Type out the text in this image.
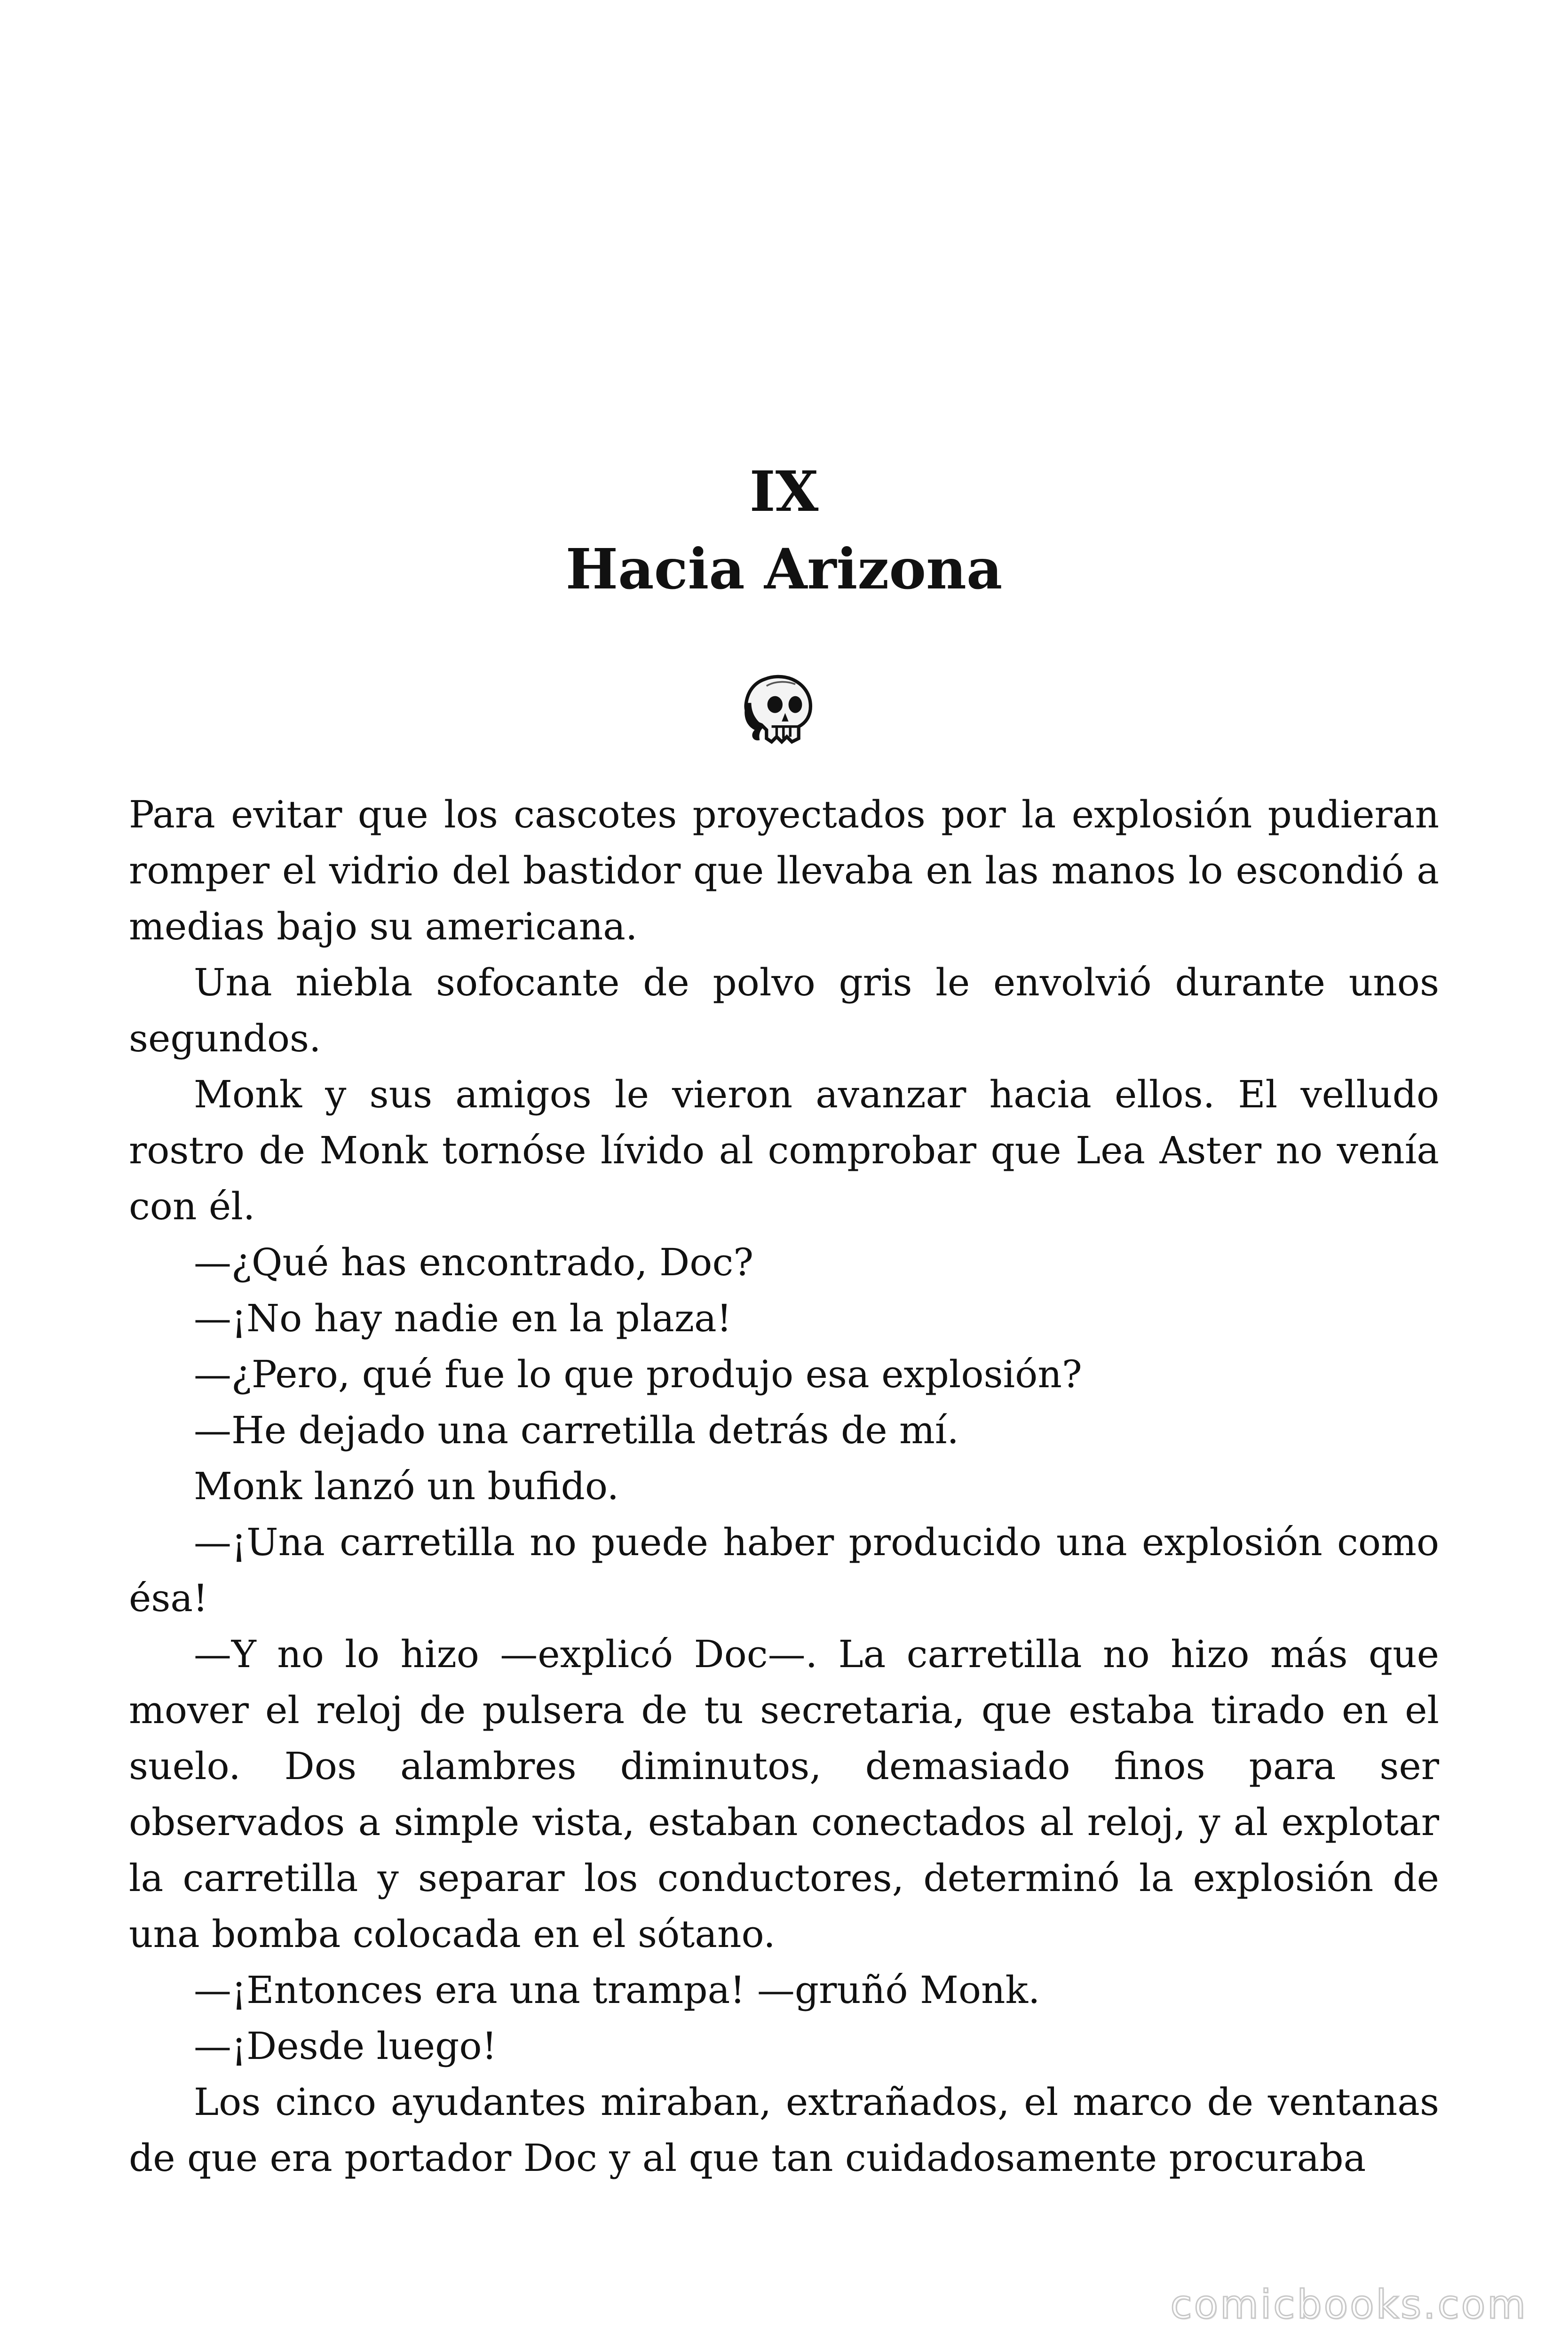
IX
Hacia Arizona

Para evitar que los cascotes proyectados por la explosión pudieran romper el vidrio del bastidor que llevaba en las manos lo escondió a medias bajo su americana.

Una niebla sofocante de polvo gris le envolvió durante unos segundos.

Monk y sus amigos le vieron avanzar hacia ellos. El velludo rostro de Monk tornóse lívido al comprobar que Lea Aster no venía con él.

—¿Qué has encontrado, Doc?

—¡No hay nadie en la plaza!

—¿Pero, qué fue lo que produjo esa explosión?

—He dejado una carretilla detrás de mí.

Monk lanzó un bufido.

—¡Una carretilla no puede haber producido una explosión como ésa!

—Y no lo hizo —explicó Doc—. La carretilla no hizo más que mover el reloj de pulsera de tu secretaria, que estaba tirado en el suelo. Dos alambres diminutos, demasiado finos para ser observados a simple vista, estaban conectados al reloj, y al explotar la carretilla y separar los conductores, determinó la explosión de una bomba colocada en el sótano.

—¡Entonces era una trampa! —gruñó Monk.

—¡Desde luego!

Los cinco ayudantes miraban, extrañados, el marco de ventanas de que era portador Doc y al que tan cuidadosamente procuraba

comicbooks.com
